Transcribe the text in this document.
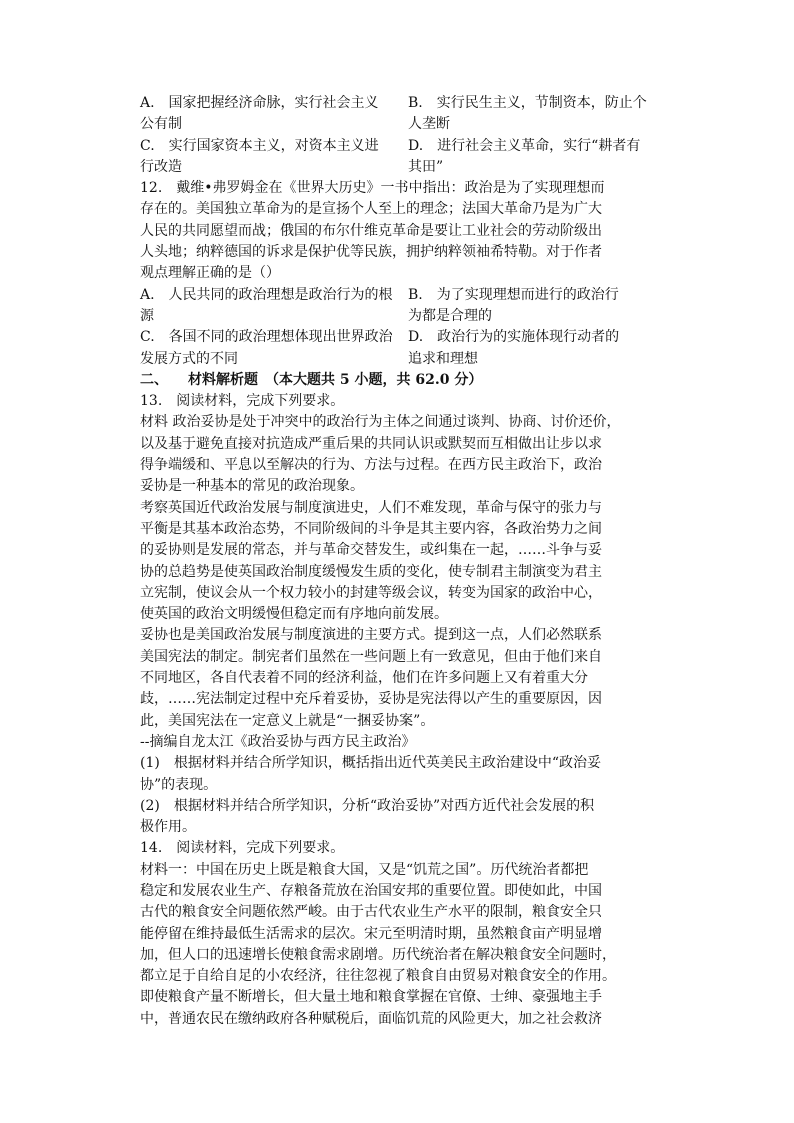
A.　国家把握经济命脉，实行社会主义
公有制
B.　实行民生主义，节制资本，防止个
人垄断
C.　实行国家资本主义，对资本主义进
行改造
D.　进行社会主义革命，实行“耕者有
其田”
12.　戴维•弗罗姆金在《世界大历史》一书中指出：政治是为了实现理想而
存在的。美国独立革命为的是宣扬个人至上的理念；法国大革命乃是为广大
人民的共同愿望而战；俄国的布尔什维克革命是要让工业社会的劳动阶级出
人头地；纳粹德国的诉求是保护优等民族，拥护纳粹领袖希特勒。对于作者
观点理解正确的是（）
A.　人民共同的政治理想是政治行为的根
源
B.　为了实现理想而进行的政治行
为都是合理的
C.　各国不同的政治理想体现出世界政治
发展方式的不同
D.　政治行为的实施体现行动者的
追求和理想
二、 材料解析题　（本大题共 5 小题，共 62.0 分）
13.　阅读材料，完成下列要求。
材料 政治妥协是处于冲突中的政治行为主体之间通过谈判、协商、讨价还价，
以及基于避免直接对抗造成严重后果的共同认识或默契而互相做出让步以求
得争端缓和、平息以至解决的行为、方法与过程。在西方民主政治下，政治
妥协是一种基本的常见的政治现象。
考察英国近代政治发展与制度演进史，人们不难发现，革命与保守的张力与
平衡是其基本政治态势，不同阶级间的斗争是其主要内容，各政治势力之间
的妥协则是发展的常态，并与革命交替发生，或纠集在一起，……斗争与妥
协的总趋势是使英国政治制度缓慢发生质的变化，使专制君主制演变为君主
立宪制，使议会从一个权力较小的封建等级会议，转变为国家的政治中心，
使英国的政治文明缓慢但稳定而有序地向前发展。
妥协也是美国政治发展与制度演进的主要方式。提到这一点，人们必然联系
美国宪法的制定。制宪者们虽然在一些问题上有一致意见，但由于他们来自
不同地区，各自代表着不同的经济利益，他们在许多问题上又有着重大分
歧，……宪法制定过程中充斥着妥协，妥协是宪法得以产生的重要原因，因
此，美国宪法在一定意义上就是“一捆妥协案”。
--摘编自龙太江《政治妥协与西方民主政治》
(1)　根据材料并结合所学知识，概括指出近代英美民主政治建设中“政治妥
协”的表现。
(2)　根据材料并结合所学知识，分析“政治妥协”对西方近代社会发展的积
极作用。
14.　阅读材料，完成下列要求。
材料一：中国在历史上既是粮食大国，又是“饥荒之国”。历代统治者都把
稳定和发展农业生产、存粮备荒放在治国安邦的重要位置。即使如此，中国
古代的粮食安全问题依然严峻。由于古代农业生产水平的限制，粮食安全只
能停留在维持最低生活需求的层次。宋元至明清时期，虽然粮食亩产明显增
加，但人口的迅速增长使粮食需求剧增。历代统治者在解决粮食安全问题时，
都立足于自给自足的小农经济，往往忽视了粮食自由贸易对粮食安全的作用。
即使粮食产量不断增长，但大量土地和粮食掌握在官僚、士绅、豪强地主手
中，普通农民在缴纳政府各种赋税后，面临饥荒的风险更大，加之社会救济
